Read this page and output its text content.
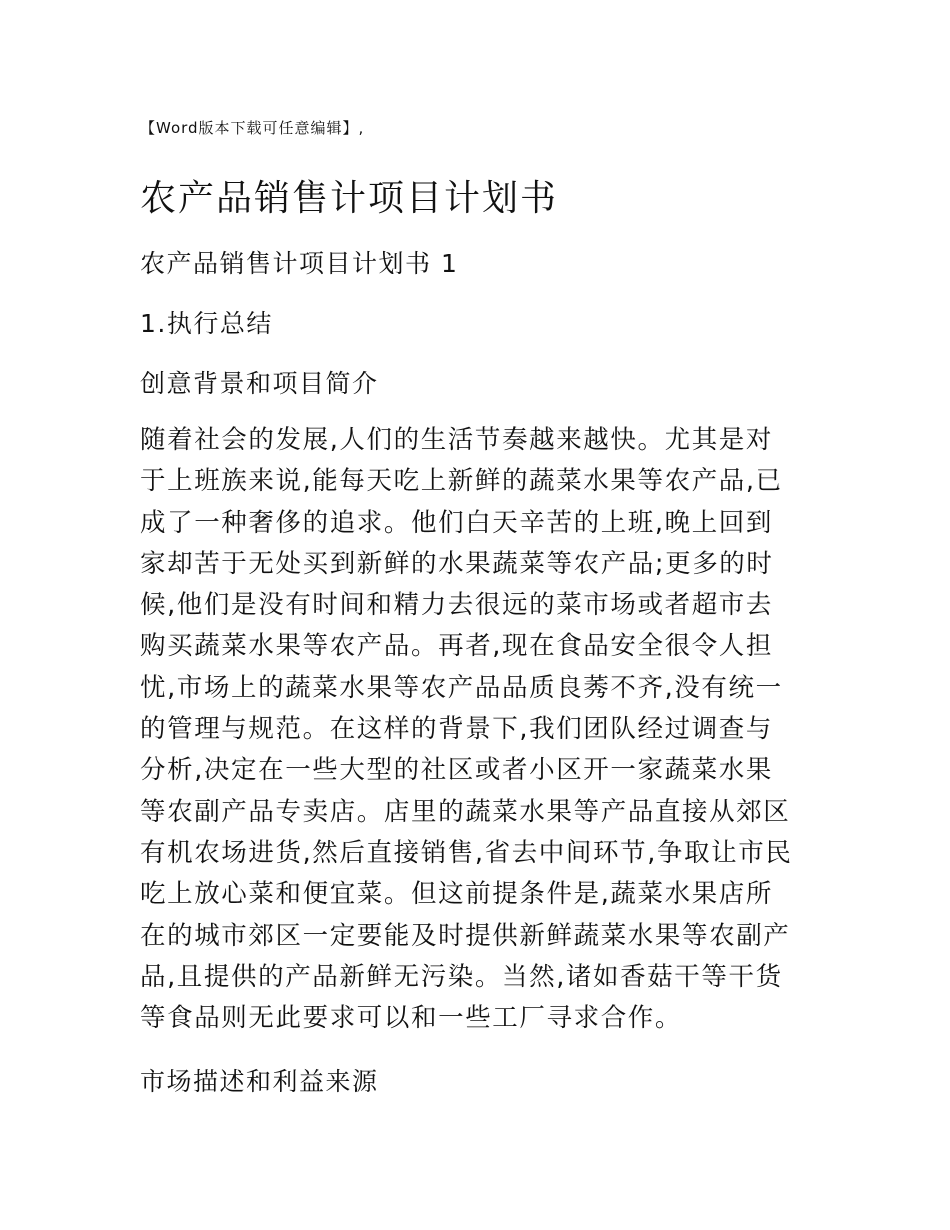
【Word版本下载可任意编辑】,
农产品销售计项目计划书
农产品销售计项目计划书 1
1.执行总结
创意背景和项目简介
随着社会的发展,人们的生活节奏越来越快。尤其是对
于上班族来说,能每天吃上新鲜的蔬菜水果等农产品,已
成了一种奢侈的追求。他们白天辛苦的上班,晚上回到
家却苦于无处买到新鲜的水果蔬菜等农产品;更多的时
候,他们是没有时间和精力去很远的菜市场或者超市去
购买蔬菜水果等农产品。再者,现在食品安全很令人担
忧,市场上的蔬菜水果等农产品品质良莠不齐,没有统一
的管理与规范。在这样的背景下,我们团队经过调查与
分析,决定在一些大型的社区或者小区开一家蔬菜水果
等农副产品专卖店。店里的蔬菜水果等产品直接从郊区
有机农场进货,然后直接销售,省去中间环节,争取让市民
吃上放心菜和便宜菜。但这前提条件是,蔬菜水果店所
在的城市郊区一定要能及时提供新鲜蔬菜水果等农副产
品,且提供的产品新鲜无污染。当然,诸如香菇干等干货
等食品则无此要求可以和一些工厂寻求合作。
市场描述和利益来源
